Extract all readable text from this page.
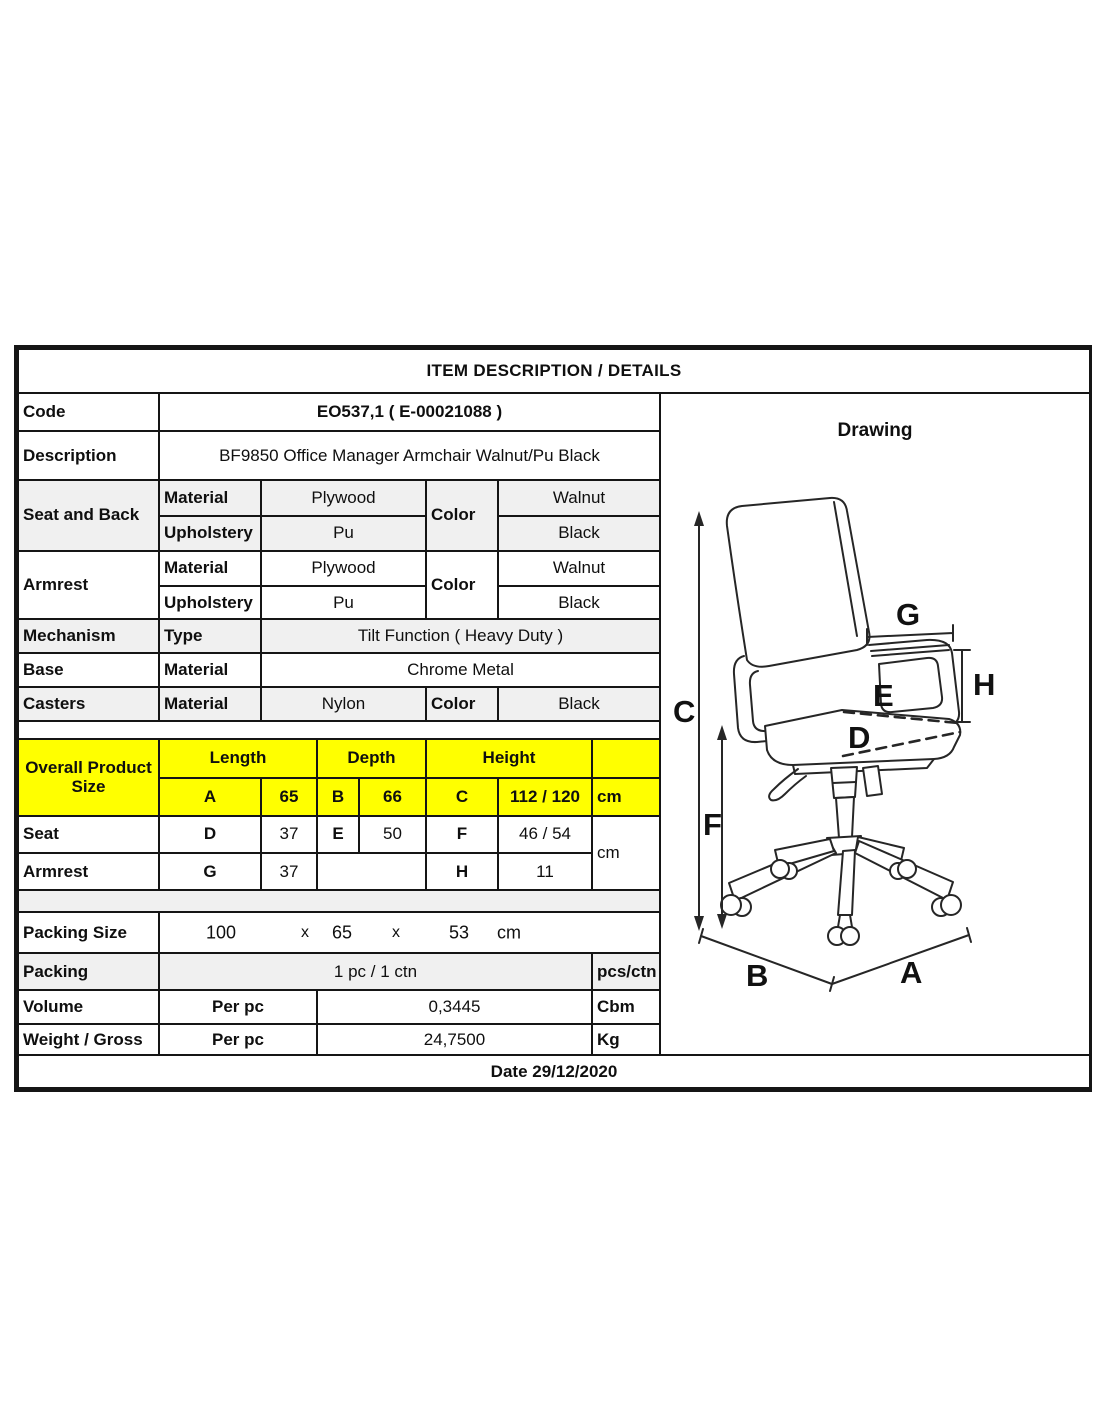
ITEM DESCRIPTION / DETAILS								
Code	EO537,1 ( E-00021088 )	
Drawing
C
F
G
H
E
D
B	A

Description	BF9850 Office Manager Armchair Walnut/Pu Black							
Seat and Back	Material	Plywood			Color	Walnut		
	Upholstery	Pu				Black		
Armrest	Material	Plywood			Color	Walnut		
	Upholstery	Pu				Black		
Mechanism	Type	Tilt Function ( Heavy Duty )						
Base	Material	Chrome Metal						
Casters	Material	Nylon			Color	Black		

Overall Product Size	Length		Depth		Height			
	A	65	B	66	C	112 / 120	cm	
Seat	D	37	E	50	F	46 / 54	cm	
Armrest	G	37			H	11		

Packing Size	100	x 65 x	53 cm

Packing	1 pc / 1 ctn						pcs/ctn	
Volume	Per pc		0,3445				Cbm	
Weight / Gross	Per pc		24,7500				Kg	
Date 29/12/2020								
